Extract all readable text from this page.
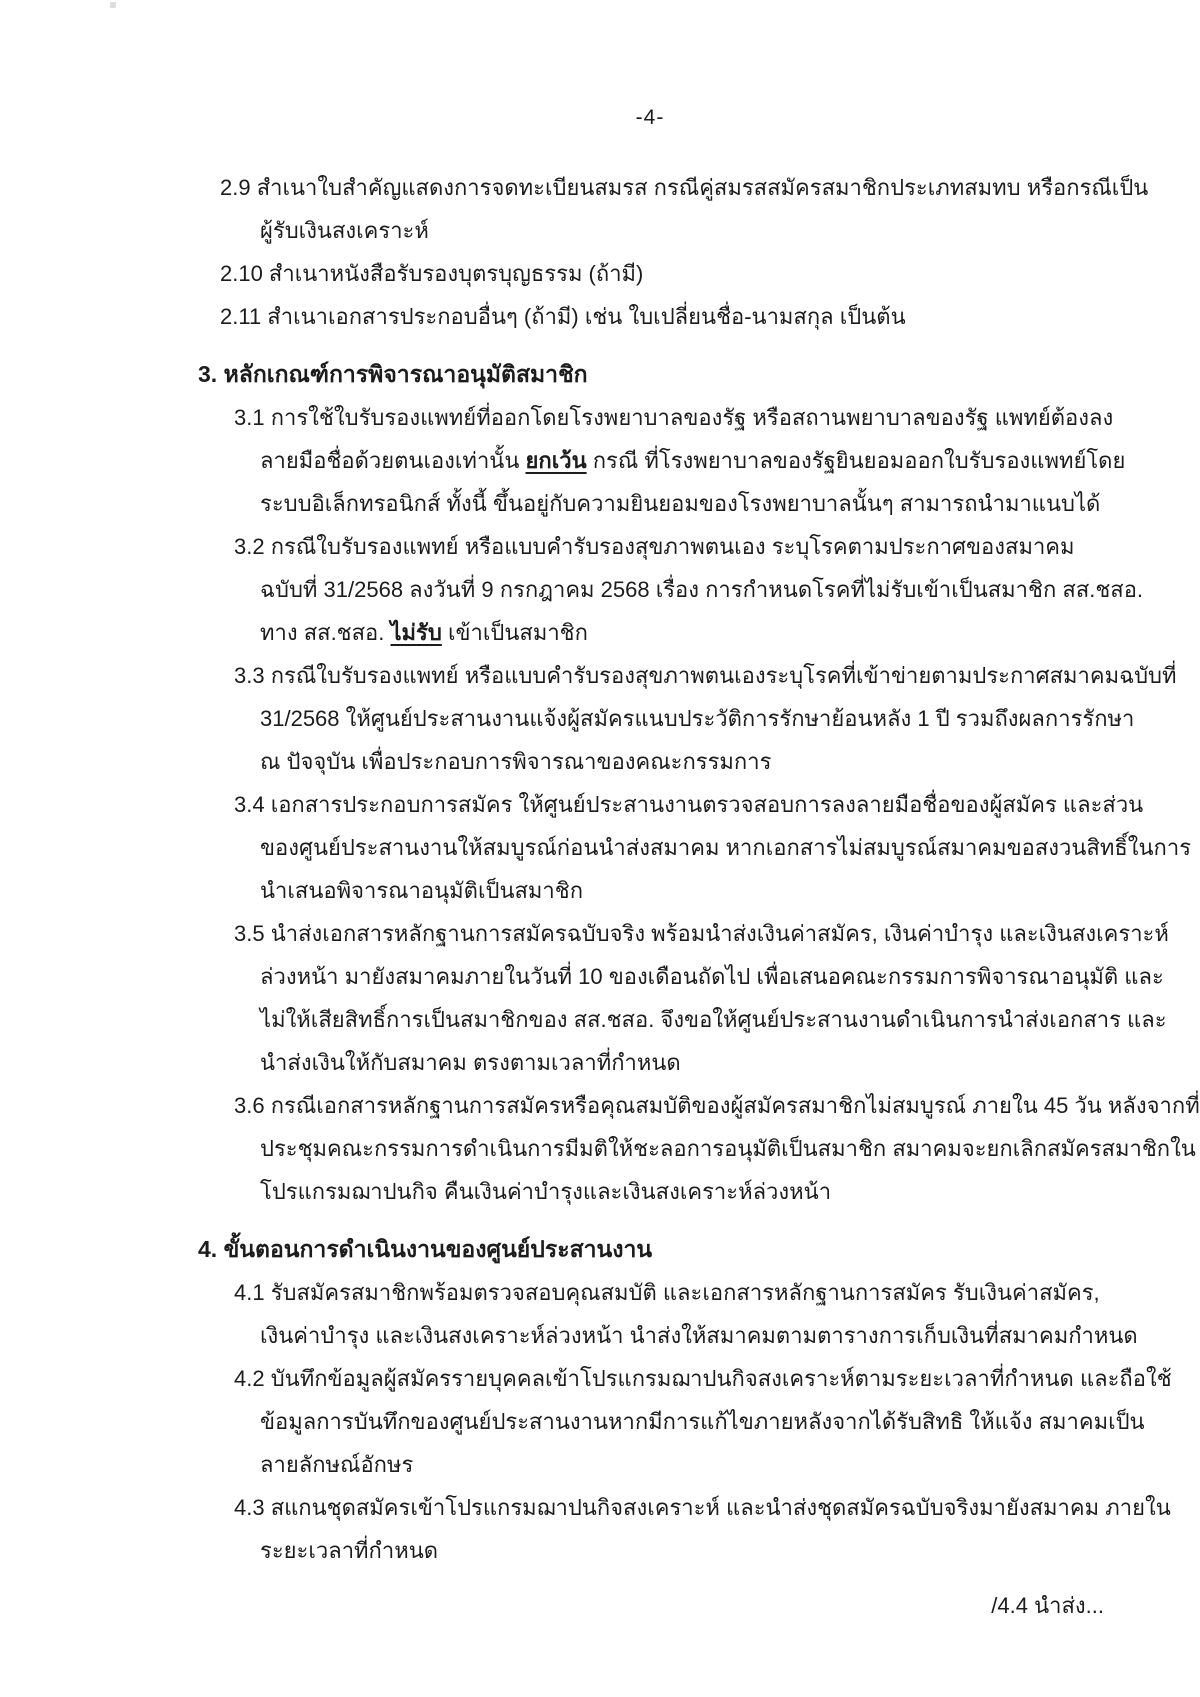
-4-
2.9 สำเนาใบสำคัญแสดงการจดทะเบียนสมรส กรณีคู่สมรสสมัครสมาชิกประเภทสมทบ หรือกรณีเป็น
ผู้รับเงินสงเคราะห์
2.10 สำเนาหนังสือรับรองบุตรบุญธรรม (ถ้ามี)
2.11 สำเนาเอกสารประกอบอื่นๆ (ถ้ามี) เช่น ใบเปลี่ยนชื่อ-นามสกุล เป็นต้น
3. หลักเกณฑ์การพิจารณาอนุมัติสมาชิก
3.1 การใช้ใบรับรองแพทย์ที่ออกโดยโรงพยาบาลของรัฐ หรือสถานพยาบาลของรัฐ แพทย์ต้องลง
ลายมือชื่อด้วยตนเองเท่านั้น ยกเว้น กรณี ที่โรงพยาบาลของรัฐยินยอมออกใบรับรองแพทย์โดย
ระบบอิเล็กทรอนิกส์ ทั้งนี้ ขึ้นอยู่กับความยินยอมของโรงพยาบาลนั้นๆ สามารถนำมาแนบได้
3.2 กรณีใบรับรองแพทย์ หรือแบบคำรับรองสุขภาพตนเอง ระบุโรคตามประกาศของสมาคม
ฉบับที่ 31/2568 ลงวันที่ 9 กรกฎาคม 2568 เรื่อง การกำหนดโรคที่ไม่รับเข้าเป็นสมาชิก สส.ชสอ.
ทาง สส.ชสอ. ไม่รับ เข้าเป็นสมาชิก
3.3 กรณีใบรับรองแพทย์ หรือแบบคำรับรองสุขภาพตนเองระบุโรคที่เข้าข่ายตามประกาศสมาคมฉบับที่
31/2568 ให้ศูนย์ประสานงานแจ้งผู้สมัครแนบประวัติการรักษาย้อนหลัง 1 ปี รวมถึงผลการรักษา
ณ ปัจจุบัน เพื่อประกอบการพิจารณาของคณะกรรมการ
3.4 เอกสารประกอบการสมัคร ให้ศูนย์ประสานงานตรวจสอบการลงลายมือชื่อของผู้สมัคร และส่วน
ของศูนย์ประสานงานให้สมบูรณ์ก่อนนำส่งสมาคม หากเอกสารไม่สมบูรณ์สมาคมขอสงวนสิทธิ์ในการ
นำเสนอพิจารณาอนุมัติเป็นสมาชิก
3.5 นำส่งเอกสารหลักฐานการสมัครฉบับจริง พร้อมนำส่งเงินค่าสมัคร, เงินค่าบำรุง และเงินสงเคราะห์
ล่วงหน้า มายังสมาคมภายในวันที่ 10 ของเดือนถัดไป เพื่อเสนอคณะกรรมการพิจารณาอนุมัติ และ
ไม่ให้เสียสิทธิ์การเป็นสมาชิกของ สส.ชสอ. จึงขอให้ศูนย์ประสานงานดำเนินการนำส่งเอกสาร และ
นำส่งเงินให้กับสมาคม ตรงตามเวลาที่กำหนด
3.6 กรณีเอกสารหลักฐานการสมัครหรือคุณสมบัติของผู้สมัครสมาชิกไม่สมบูรณ์ ภายใน 45 วัน หลังจากที่
ประชุมคณะกรรมการดำเนินการมีมติให้ชะลอการอนุมัติเป็นสมาชิก สมาคมจะยกเลิกสมัครสมาชิกใน
โปรแกรมฌาปนกิจ คืนเงินค่าบำรุงและเงินสงเคราะห์ล่วงหน้า
4. ขั้นตอนการดำเนินงานของศูนย์ประสานงาน
4.1 รับสมัครสมาชิกพร้อมตรวจสอบคุณสมบัติ และเอกสารหลักฐานการสมัคร รับเงินค่าสมัคร,
เงินค่าบำรุง และเงินสงเคราะห์ล่วงหน้า นำส่งให้สมาคมตามตารางการเก็บเงินที่สมาคมกำหนด
4.2 บันทึกข้อมูลผู้สมัครรายบุคคลเข้าโปรแกรมฌาปนกิจสงเคราะห์ตามระยะเวลาที่กำหนด และถือใช้
ข้อมูลการบันทึกของศูนย์ประสานงานหากมีการแก้ไขภายหลังจากได้รับสิทธิ ให้แจ้ง สมาคมเป็น
ลายลักษณ์อักษร
4.3 สแกนชุดสมัครเข้าโปรแกรมฌาปนกิจสงเคราะห์ และนำส่งชุดสมัครฉบับจริงมายังสมาคม ภายใน
ระยะเวลาที่กำหนด
/4.4 นำส่ง...
